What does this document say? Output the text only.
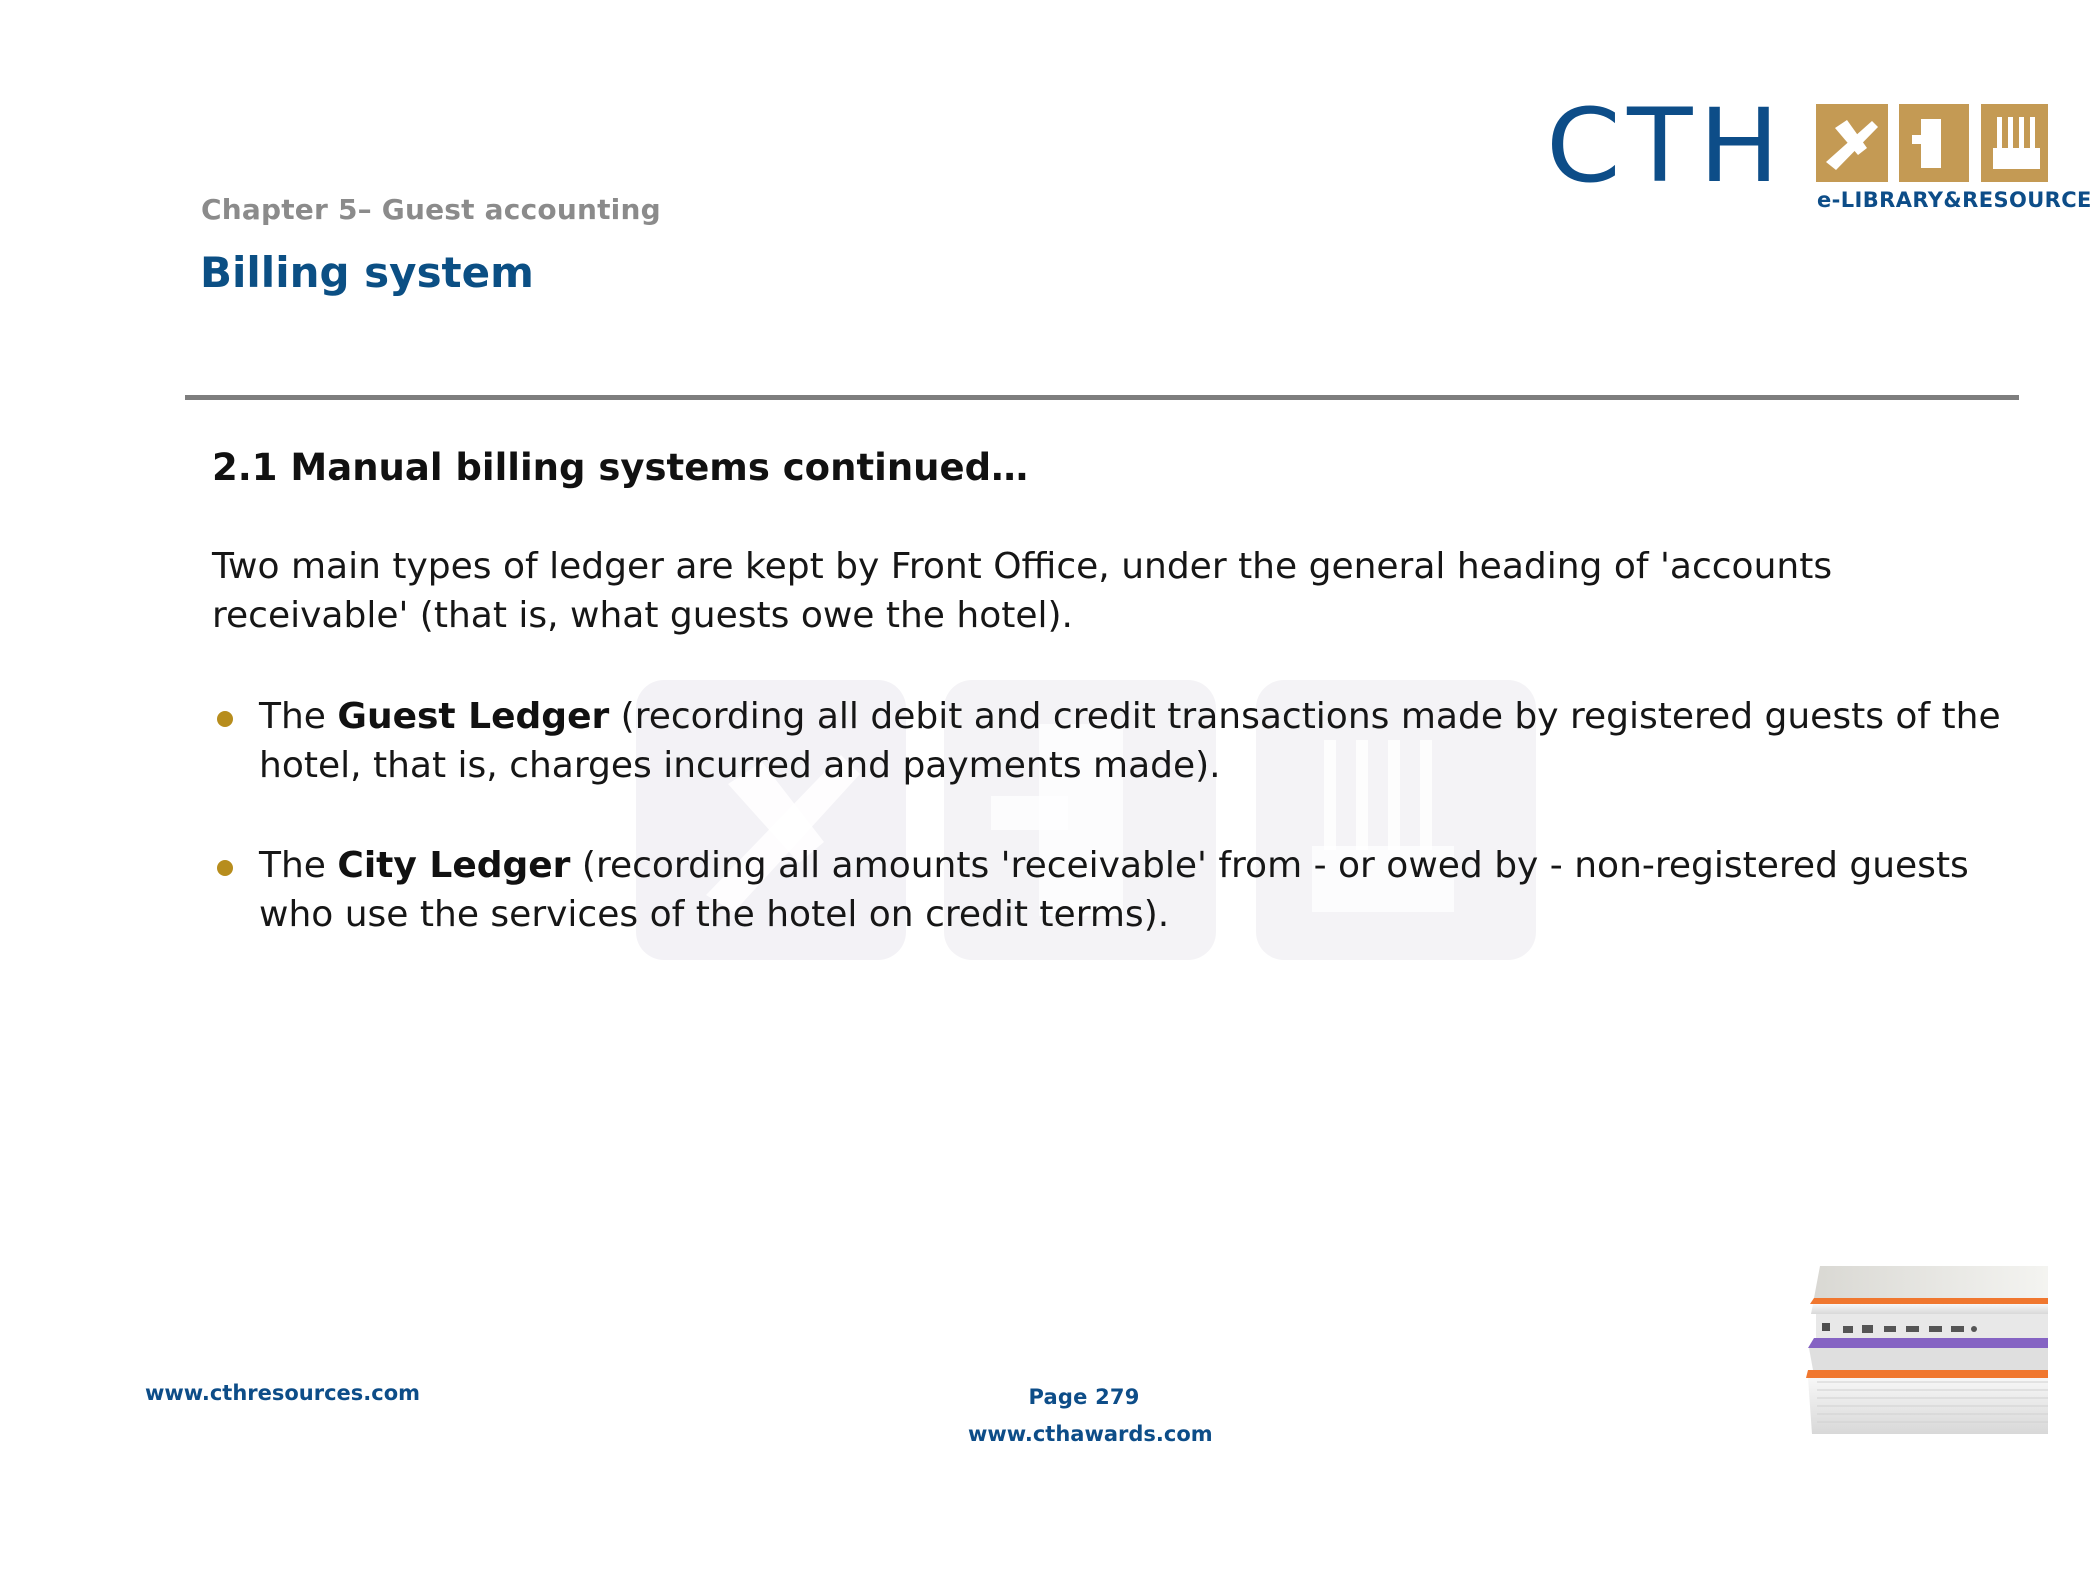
Chapter 5– Guest accounting
Billing system
CTH e-LIBRARY&RESOURCE
2.1 Manual billing systems continued…
Two main types of ledger are kept by Front Office, under the general heading of 'accounts receivable' (that is, what guests owe the hotel).
The Guest Ledger (recording all debit and credit transactions made by registered guests of the hotel, that is, charges incurred and payments made).
The City Ledger (recording all amounts 'receivable' from - or owed by - non-registered guests who use the services of the hotel on credit terms).
www.cthresources.com	Page 279
www.cthawards.com
